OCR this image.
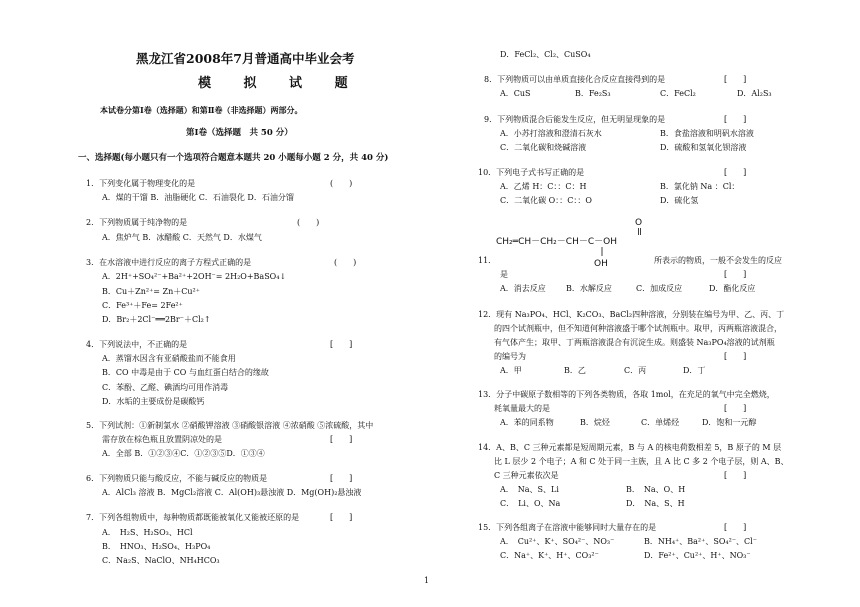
黑龙江省2008年7月普通高中毕业会考
模 拟 试 题
本试卷分第Ⅰ卷（选择题）和第Ⅱ卷（非选择题）两部分。
第Ⅰ卷（选择题　共 50 分）
一、选择题(每小题只有一个选项符合题意本题共 20 小题每小题 2 分，共 40 分)
1．下列变化属于物理变化的是	(　　)
A．煤的干馏 B．油脂硬化 C．石油裂化 D．石油分馏
2．下列物质属于纯净物的是	(　　)
A．焦炉气 B．冰醋酸 C．天然气 D．水煤气
3．在水溶液中进行反应的离子方程式正确的是	(　　)
A．2H⁺+SO₄²⁻+Ba²⁺+2OH⁻= 2H₂O+BaSO₄↓
B．Cu＋Zn²⁺= Zn＋Cu²⁺
C．Fe³⁺＋Fe= 2Fe²⁺
D．Br₂＋2Cl⁻══2Br⁻＋Cl₂↑
4．下列说法中，不正确的是	[　　]
A．蒸馏水因含有亚硝酸盐而不能食用
B．CO 中毒是由于 CO 与血红蛋白结合的缘故
C．苯酚、乙醛、碘酒均可用作消毒
D．水垢的主要成份是碳酸钙
5．下列试剂：①新制氯水 ②硝酸钾溶液 ③硝酸银溶液 ④浓硝酸 ⑤浓硫酸，其中
需存放在棕色瓶且放置阴凉处的是	[　　]
A．全部 B．①②③④C．①②③⑤D．①③④
6．下列物质只能与酸反应，不能与碱反应的物质是	[　　]
A．AlCl₃ 溶液 B．MgCl₂溶液 C．Al(OH)₃悬浊液 D．Mg(OH)₂悬浊液
7．下列各组物质中，每种物质都既能被氧化又能被还原的是	[　　]
A．　H₂S、H₂SO₃、HCl
B．　HNO₃、H₂SO₄、H₃PO₄
C．Na₂S、NaClO、NH₄HCO₃
D．FeCl₂、Cl₂、CuSO₄
8．下列物质可以由单质直接化合反应直接得到的是	[　　]
A．CuS	B．Fe₂S₃	C．FeCl₂	D．Al₂S₃
9．下列物质混合后能发生反应，但无明显现象的是	[　　]
A．小苏打溶液和澄清石灰水	B．食盐溶液和明矾水溶液
C．二氧化碳和烧碱溶液	D．硫酸和氢氧化钡溶液
10．下列电子式书写正确的是	[　　]
A．乙烯 H：C：：C：H	B．氯化钠 Na ：Cl：
C．二氧化碳 O：：C：：O	D．硫化氢
CH₂═CH－CH₂－CH－C－OH
O
OH
11．	所表示的物质，一般不会发生的反应
是	[　　]
A．消去反应	B．水解反应	C．加成反应	D．酯化反应
12．现有 Na₃PO₄、HCl、K₂CO₃、BaCl₂四种溶液，分别装在编号为甲、乙、丙、丁
的四个试剂瓶中，但不知道何种溶液盛于哪个试剂瓶中。取甲，丙两瓶溶液混合，
有气体产生；取甲、丁两瓶溶液混合有沉淀生成。则盛装 Na₃PO₄溶液的试剂瓶
的编号为	[　　]
A．甲	B．乙	C．丙	D．丁
13．分子中碳原子数相等的下列各类物质，各取 1mol，在充足的氧气中完全燃烧，
耗氧量最大的是	[　　]
A．苯的同系物	B．烷烃	C．单烯烃	D．饱和一元醇
14．A、B、C 三种元素都是短周期元素，B 与 A 的核电荷数相差 5，B 原子的 M 层
比 L 层少 2 个电子；A 和 C 处于同一主族，且 A 比 C 多 2 个电子层，则 A、B、
C 三种元素依次是	[　　]
A．　Na、S、Li	B．　Na、O、H
C．　Li、O、Na	D．　Na、S、H
15．下列各组离子在溶液中能够同时大量存在的是	[　　]
A．　Cu²⁺、K⁺、SO₄²⁻、NO₃⁻	B．NH₄⁺、Ba²⁺、SO₄²⁻、Cl⁻
C．Na⁺、K⁺、H⁺、CO₃²⁻	D．Fe²⁺、Cu²⁺、H⁺、NO₃⁻
1
